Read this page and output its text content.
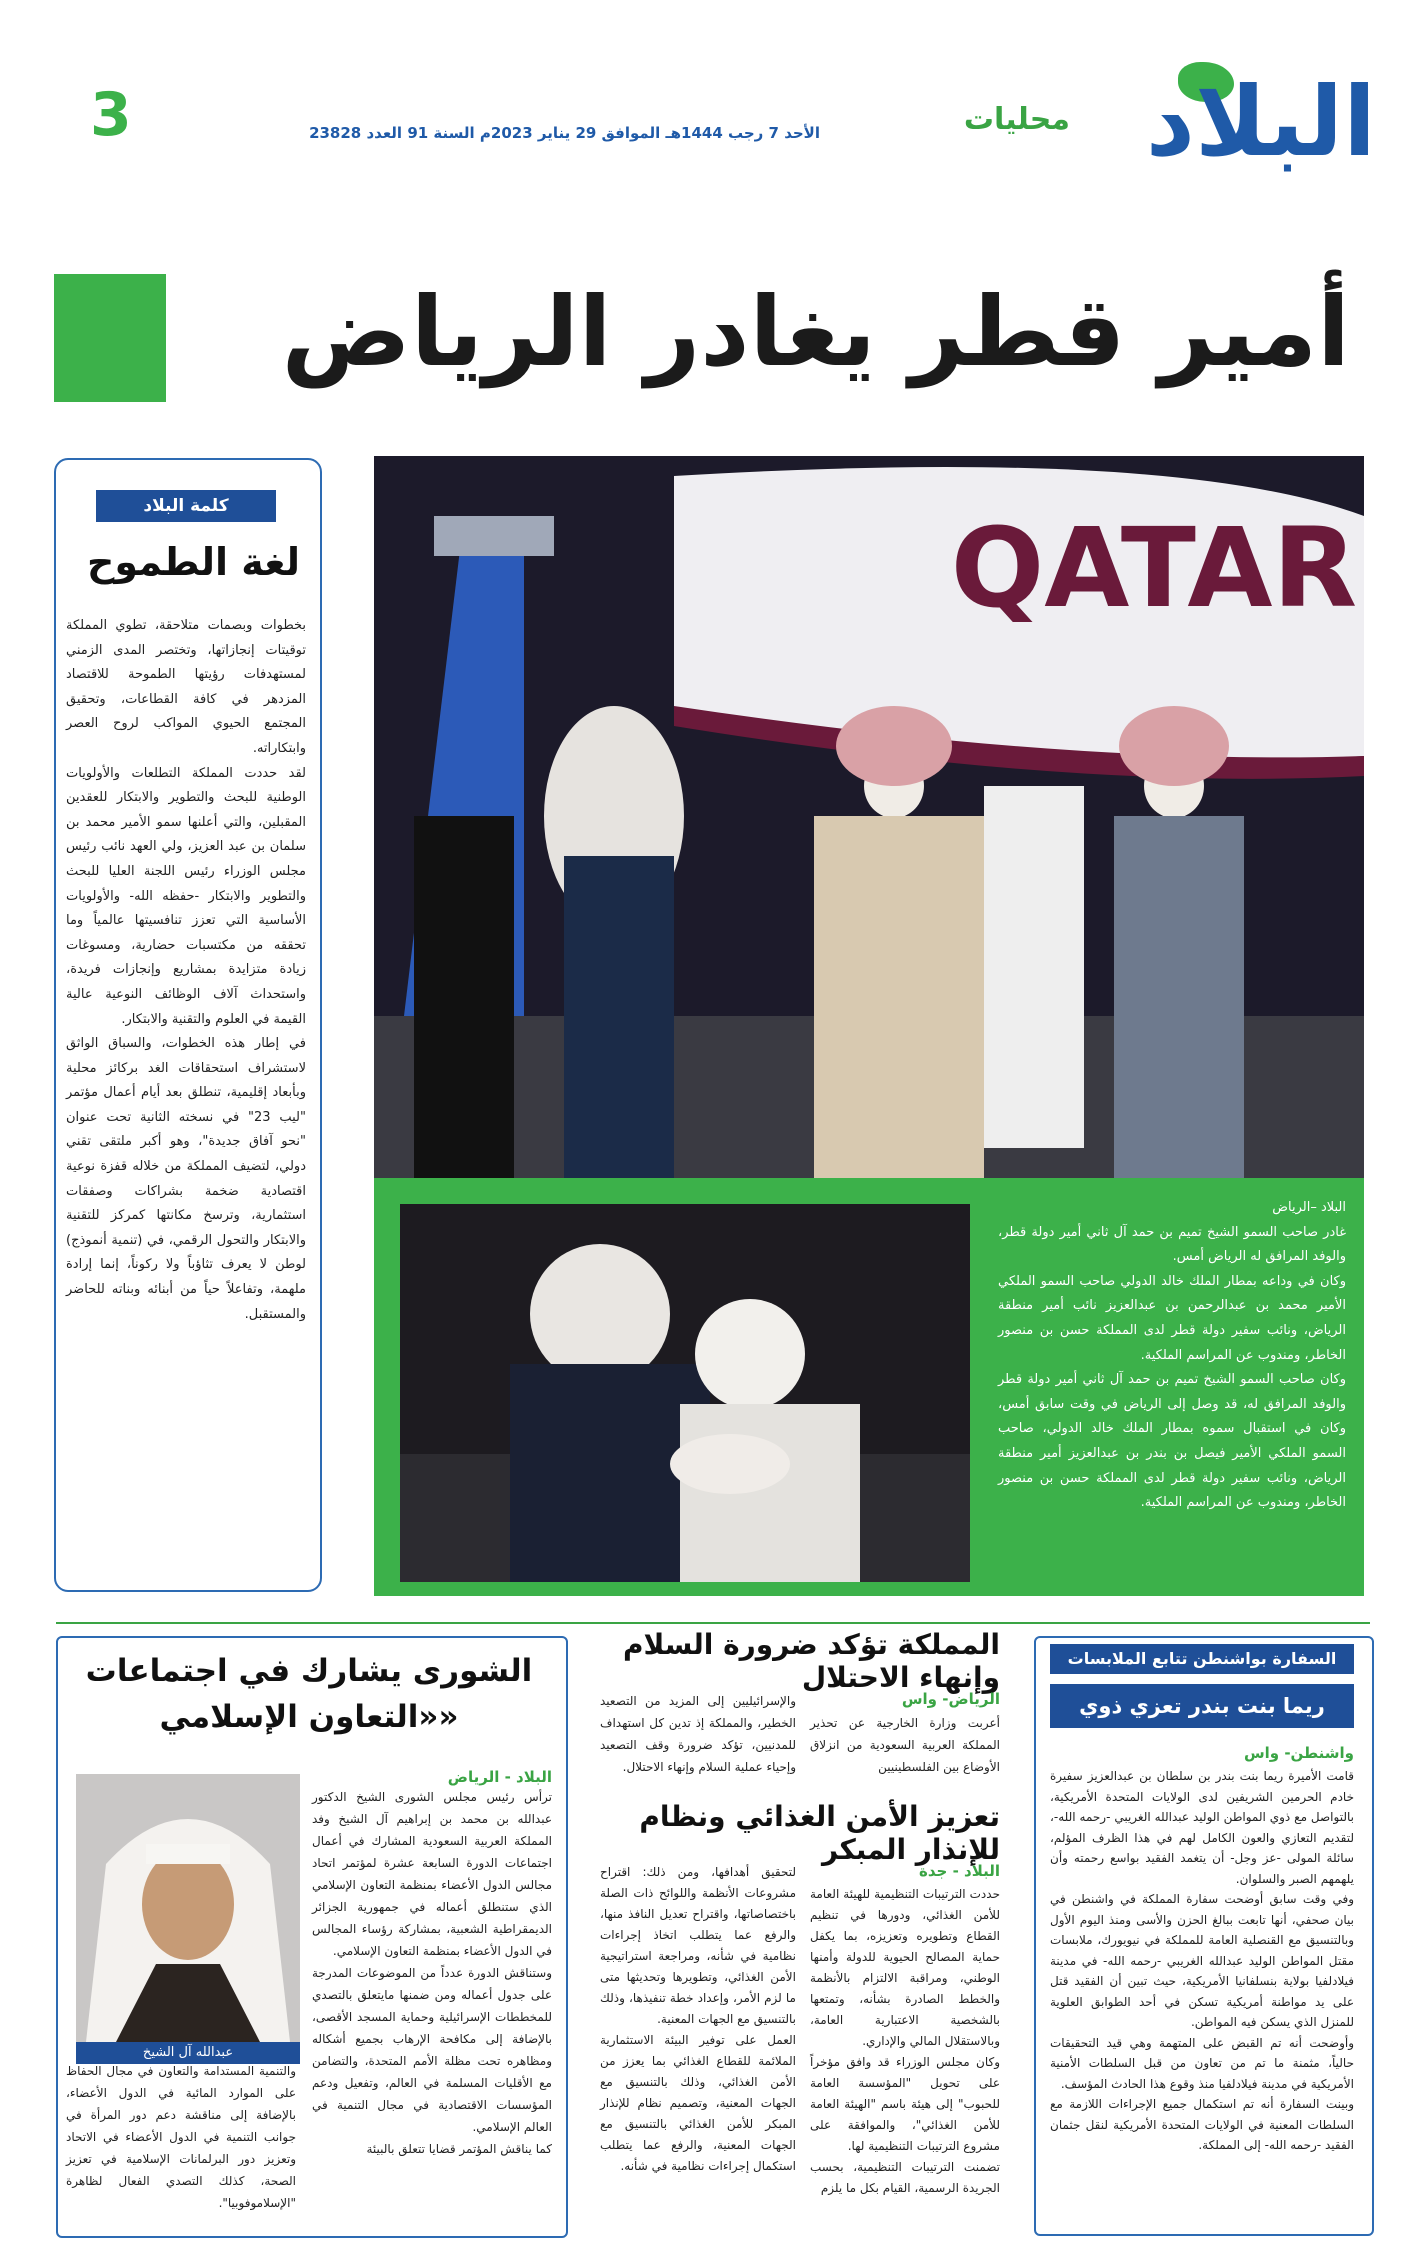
البلاد
محليات
الأحد 7 رجب 1444هـ الموافق 29 يناير 2023م السنة 91 العدد 23828
3
أمير قطر يغادر الرياض
كلمة البلاد
لغة الطموح

بخطوات وبصمات متلاحقة، تطوي المملكة توقيتات إنجازاتها، وتختصر المدى الزمني لمستهدفات رؤيتها الطموحة للاقتصاد المزدهر في كافة القطاعات، وتحقيق المجتمع الحيوي المواكب لروح العصر وابتكاراته.
لقد حددت المملكة التطلعات والأولويات الوطنية للبحث والتطوير والابتكار للعقدين المقبلين، والتي أعلنها سمو الأمير محمد بن سلمان بن عبد العزيز، ولي العهد نائب رئيس مجلس الوزراء رئيس اللجنة العليا للبحث والتطوير والابتكار -حفظه الله- والأولويات الأساسية التي تعزز تنافسيتها عالمياً وما تحققه من مكتسبات حضارية، ومسوغات زيادة متزايدة بمشاريع وإنجازات فريدة، واستحداث آلاف الوظائف النوعية عالية القيمة في العلوم والتقنية والابتكار.
في إطار هذه الخطوات، والسباق الواثق لاستشراف استحقاقات الغد بركائز محلية وبأبعاد إقليمية، تنطلق بعد أيام أعمال مؤتمر "ليب 23" في نسخته الثانية تحت عنوان "نحو آفاق جديدة"، وهو أكبر ملتقى تقني دولي، لتضيف المملكة من خلاله قفزة نوعية اقتصادية ضخمة بشراكات وصفقات استثمارية، وترسخ مكانتها كمركز للتقنية والابتكار والتحول الرقمي، في (تنمية أنموذج) لوطن لا يعرف تثاؤباً ولا ركوناً، إنما إرادة ملهمة، وتفاعلاً حياً من أبنائه وبناته للحاضر والمستقبل.

QATAR

البلاد –الرياض
غادر صاحب السمو الشيخ تميم بن حمد آل ثاني أمير دولة قطر، والوفد المرافق له الرياض أمس.
وكان في وداعه بمطار الملك خالد الدولي صاحب السمو الملكي الأمير محمد بن عبدالرحمن بن عبدالعزيز نائب أمير منطقة الرياض، ونائب سفير دولة قطر لدى المملكة حسن بن منصور الخاطر، ومندوب عن المراسم الملكية.
وكان صاحب السمو الشيخ تميم بن حمد آل ثاني أمير دولة قطر والوفد المرافق له، قد وصل إلى الرياض في وقت سابق أمس، وكان في استقبال سموه بمطار الملك خالد الدولي، صاحب السمو الملكي الأمير فيصل بن بندر بن عبدالعزيز أمير منطقة الرياض، ونائب سفير دولة قطر لدى المملكة حسن بن منصور الخاطر، ومندوب عن المراسم الملكية.

الشورى يشارك في اجتماعات «التعاون الإسلامي»
عبدالله آل الشيخ
البلاد - الرياض

ترأس رئيس مجلس الشورى الشيخ الدكتور عبدالله بن محمد بن إبراهيم آل الشيخ وفد المملكة العربية السعودية المشارك في أعمال اجتماعات الدورة السابعة عشرة لمؤتمر اتحاد مجالس الدول الأعضاء بمنظمة التعاون الإسلامي الذي ستنطلق أعماله في جمهورية الجزائر الديمقراطية الشعبية، بمشاركة رؤساء المجالس في الدول الأعضاء بمنظمة التعاون الإسلامي.
وستناقش الدورة عدداً من الموضوعات المدرجة على جدول أعماله ومن ضمنها مايتعلق بالتصدي للمخططات الإسرائيلية وحماية المسجد الأقصى، بالإضافة إلى مكافحة الإرهاب بجميع أشكاله ومظاهره تحت مظلة الأمم المتحدة، والتضامن مع الأقليات المسلمة في العالم، وتفعيل ودعم المؤسسات الاقتصادية في مجال التنمية في العالم الإسلامي.
كما يناقش المؤتمر قضايا تتعلق بالبيئة

والتنمية المستدامة والتعاون في مجال الحفاظ على الموارد المائية في الدول الأعضاء، بالإضافة إلى مناقشة دعم دور المرأة في جوانب التنمية في الدول الأعضاء في الاتحاد وتعزيز دور البرلمانات الإسلامية في تعزيز الصحة، كذلك التصدي الفعال لظاهرة "الإسلاموفوبيا".

المملكة تؤكد ضرورة السلام وإنهاء الاحتلال
الرياض- واس

أعربت وزارة الخارجية عن تحذير المملكة العربية السعودية من انزلاق الأوضاع بين الفلسطينيين

والإسرائيليين إلى المزيد من التصعيد الخطير، والمملكة إذ تدين كل استهداف للمدنيين، تؤكد ضرورة وقف التصعيد وإحياء عملية السلام وإنهاء الاحتلال.

تعزيز الأمن الغذائي ونظام للإنذار المبكر
البلاد - جدة

حددت الترتيبات التنظيمية للهيئة العامة للأمن الغذائي، ودورها في تنظيم القطاع وتطويره وتعزيزه، بما يكفل حماية المصالح الحيوية للدولة وأمنها الوطني، ومراقبة الالتزام بالأنظمة والخطط الصادرة بشأنه، وتمتعها بالشخصية الاعتبارية العامة، وبالاستقلال المالي والإداري.
وكان مجلس الوزراء قد وافق مؤخراً على تحويل "المؤسسة العامة للحبوب" إلى هيئة باسم "الهيئة العامة للأمن الغذائي"، والموافقة على مشروع الترتيبات التنظيمية لها.
تضمنت الترتيبات التنظيمية، بحسب الجريدة الرسمية، القيام بكل ما يلزم

لتحقيق أهدافها، ومن ذلك: اقتراح مشروعات الأنظمة واللوائح ذات الصلة باختصاصاتها، واقتراح تعديل النافذ منها، والرفع عما يتطلب اتخاذ إجراءات نظامية في شأنه، ومراجعة استراتيجية الأمن الغذائي، وتطويرها وتحديثها متى ما لزم الأمر، وإعداد خطة تنفيذها، وذلك بالتنسيق مع الجهات المعنية.
العمل على توفير البيئة الاستثمارية الملائمة للقطاع الغذائي بما يعزز من الأمن الغذائي، وذلك بالتنسيق مع الجهات المعنية، وتصميم نظام للإنذار المبكر للأمن الغذائي بالتنسيق مع الجهات المعنية، والرفع عما يتطلب استكمال إجراءات نظامية في شأنه.

السفارة بواشنطن تتابع الملابسات
ريما بنت بندر تعزي ذوي الغريبي واشنطن- واس

قامت الأميرة ريما بنت بندر بن سلطان بن عبدالعزيز سفيرة خادم الحرمين الشريفين لدى الولايات المتحدة الأمريكية، بالتواصل مع ذوي المواطن الوليد عبدالله الغريبي -رحمه الله-، لتقديم التعازي والعون الكامل لهم في هذا الظرف المؤلم، سائلة المولى -عز وجل- أن يتغمد الفقيد بواسع رحمته وأن يلهمهم الصبر والسلوان.
وفي وقت سابق أوضحت سفارة المملكة في واشنطن في بيان صحفي، أنها تابعت ببالغ الحزن والأسى ومنذ اليوم الأول وبالتنسيق مع القنصلية العامة للمملكة في نيويورك، ملابسات مقتل المواطن الوليد عبدالله الغريبي -رحمه الله- في مدينة فيلادلفيا بولاية بنسلفانيا الأمريكية، حيث تبين أن الفقيد قتل على يد مواطنة أمريكية تسكن في أحد الطوابق العلوية للمنزل الذي يسكن فيه المواطن.
وأوضحت أنه تم القبض على المتهمة وهي قيد التحقيقات حالياً، مثمنة ما تم من تعاون من قبل السلطات الأمنية الأمريكية في مدينة فيلادلفيا منذ وقوع هذا الحادث المؤسف.
وبينت السفارة أنه تم استكمال جميع الإجراءات اللازمة مع السلطات المعنية في الولايات المتحدة الأمريكية لنقل جثمان الفقيد -رحمه الله- إلى المملكة.
